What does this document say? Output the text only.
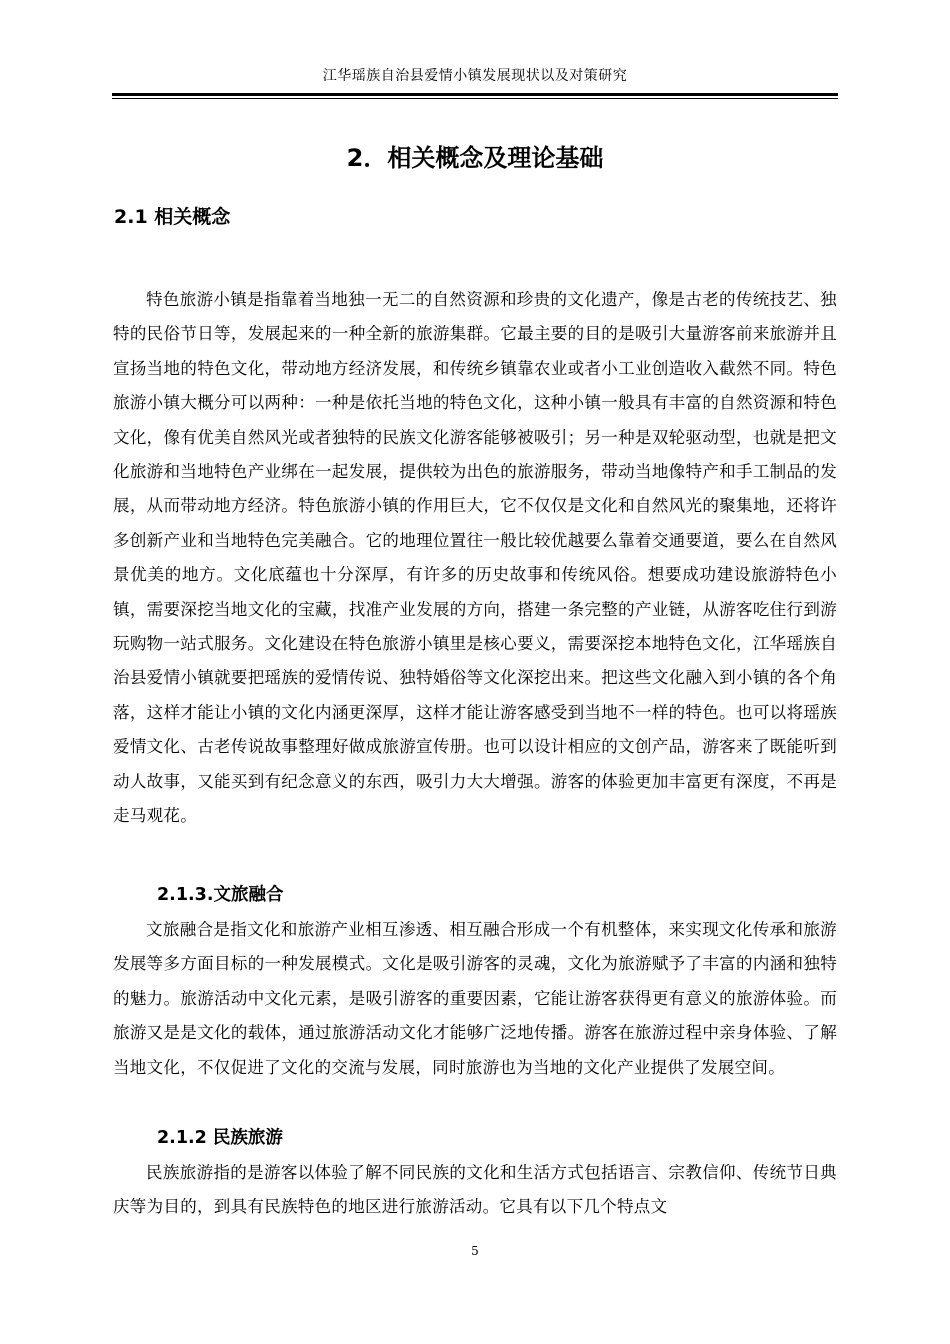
江华瑶族自治县爱情小镇发展现状以及对策研究
2．相关概念及理论基础
2.1 相关概念

特色旅游小镇是指靠着当地独一无二的自然资源和珍贵的文化遗产，像是古老的传统技艺、独特的民俗节日等，发展起来的一种全新的旅游集群。它最主要的目的是吸引大量游客前来旅游并且宣扬当地的特色文化，带动地方经济发展，和传统乡镇靠农业或者小工业创造收入截然不同。特色旅游小镇大概分可以两种：一种是依托当地的特色文化，这种小镇一般具有丰富的自然资源和特色文化，像有优美自然风光或者独特的民族文化游客能够被吸引；另一种是双轮驱动型，也就是把文化旅游和当地特色产业绑在一起发展，提供较为出色的旅游服务，带动当地像特产和手工制品的发展，从而带动地方经济。特色旅游小镇的作用巨大，它不仅仅是文化和自然风光的聚集地，还将许多创新产业和当地特色完美融合。它的地理位置往一般比较优越要么靠着交通要道，要么在自然风景优美的地方。文化底蕴也十分深厚，有许多的历史故事和传统风俗。想要成功建设旅游特色小镇，需要深挖当地文化的宝藏，找准产业发展的方向，搭建一条完整的产业链，从游客吃住行到游玩购物一站式服务。文化建设在特色旅游小镇里是核心要义，需要深挖本地特色文化，江华瑶族自治县爱情小镇就要把瑶族的爱情传说、独特婚俗等文化深挖出来。把这些文化融入到小镇的各个角落，这样才能让小镇的文化内涵更深厚，这样才能让游客感受到当地不一样的特色。也可以将瑶族爱情文化、古老传说故事整理好做成旅游宣传册。也可以设计相应的文创产品，游客来了既能听到动人故事，又能买到有纪念意义的东西，吸引力大大增强。游客的体验更加丰富更有深度，不再是走马观花。

2.1.3.文旅融合

文旅融合是指文化和旅游产业相互渗透、相互融合形成一个有机整体，来实现文化传承和旅游发展等多方面目标的一种发展模式。文化是吸引游客的灵魂，文化为旅游赋予了丰富的内涵和独特的魅力。旅游活动中文化元素，是吸引游客的重要因素，它能让游客获得更有意义的旅游体验。而旅游又是是文化的载体，通过旅游活动文化才能够广泛地传播。游客在旅游过程中亲身体验、了解当地文化，不仅促进了文化的交流与发展，同时旅游也为当地的文化产业提供了发展空间。

2.1.2 民族旅游

民族旅游指的是游客以体验了解不同民族的文化和生活方式包括语言、宗教信仰、传统节日典庆等为目的，到具有民族特色的地区进行旅游活动。它具有以下几个特点文

5
